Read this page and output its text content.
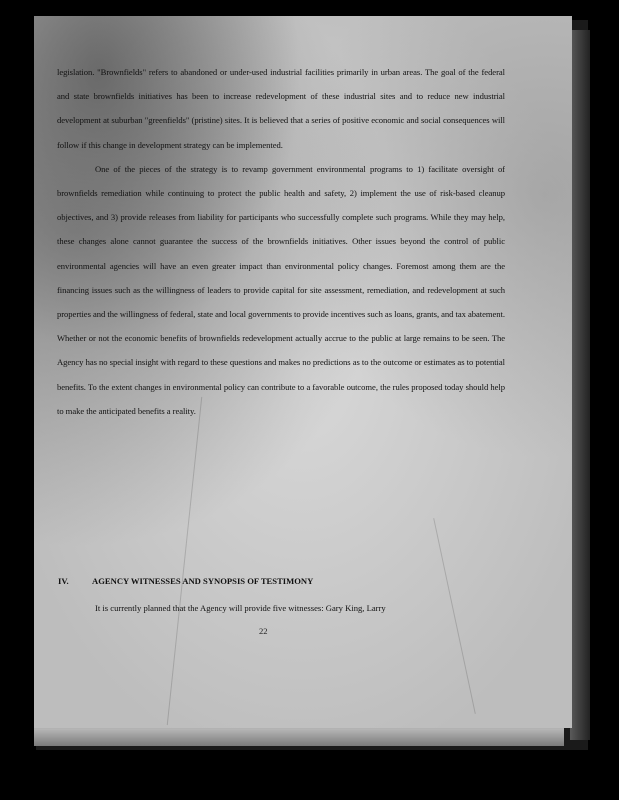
legislation. "Brownfields" refers to abandoned or under-used industrial facilities primarily in urban areas. The goal of the federal and state brownfields initiatives has been to increase redevelopment of these industrial sites and to reduce new industrial development at suburban "greenfields" (pristine) sites. It is believed that a series of positive economic and social consequences will follow if this change in development strategy can be implemented.

One of the pieces of the strategy is to revamp government environmental programs to 1) facilitate oversight of brownfields remediation while continuing to protect the public health and safety, 2) implement the use of risk-based cleanup objectives, and 3) provide releases from liability for participants who successfully complete such programs. While they may help, these changes alone cannot guarantee the success of the brownfields initiatives. Other issues beyond the control of public environmental agencies will have an even greater impact than environmental policy changes. Foremost among them are the financing issues such as the willingness of leaders to provide capital for site assessment, remediation, and redevelopment at such properties and the willingness of federal, state and local governments to provide incentives such as loans, grants, and tax abatement. Whether or not the economic benefits of brownfields redevelopment actually accrue to the public at large remains to be seen. The Agency has no special insight with regard to these questions and makes no predictions as to the outcome or estimates as to potential benefits. To the extent changes in environmental policy can contribute to a favorable outcome, the rules proposed today should help to make the anticipated benefits a reality.

IV.	AGENCY WITNESSES AND SYNOPSIS OF TESTIMONY
It is currently planned that the Agency will provide five witnesses: Gary King, Larry
22
